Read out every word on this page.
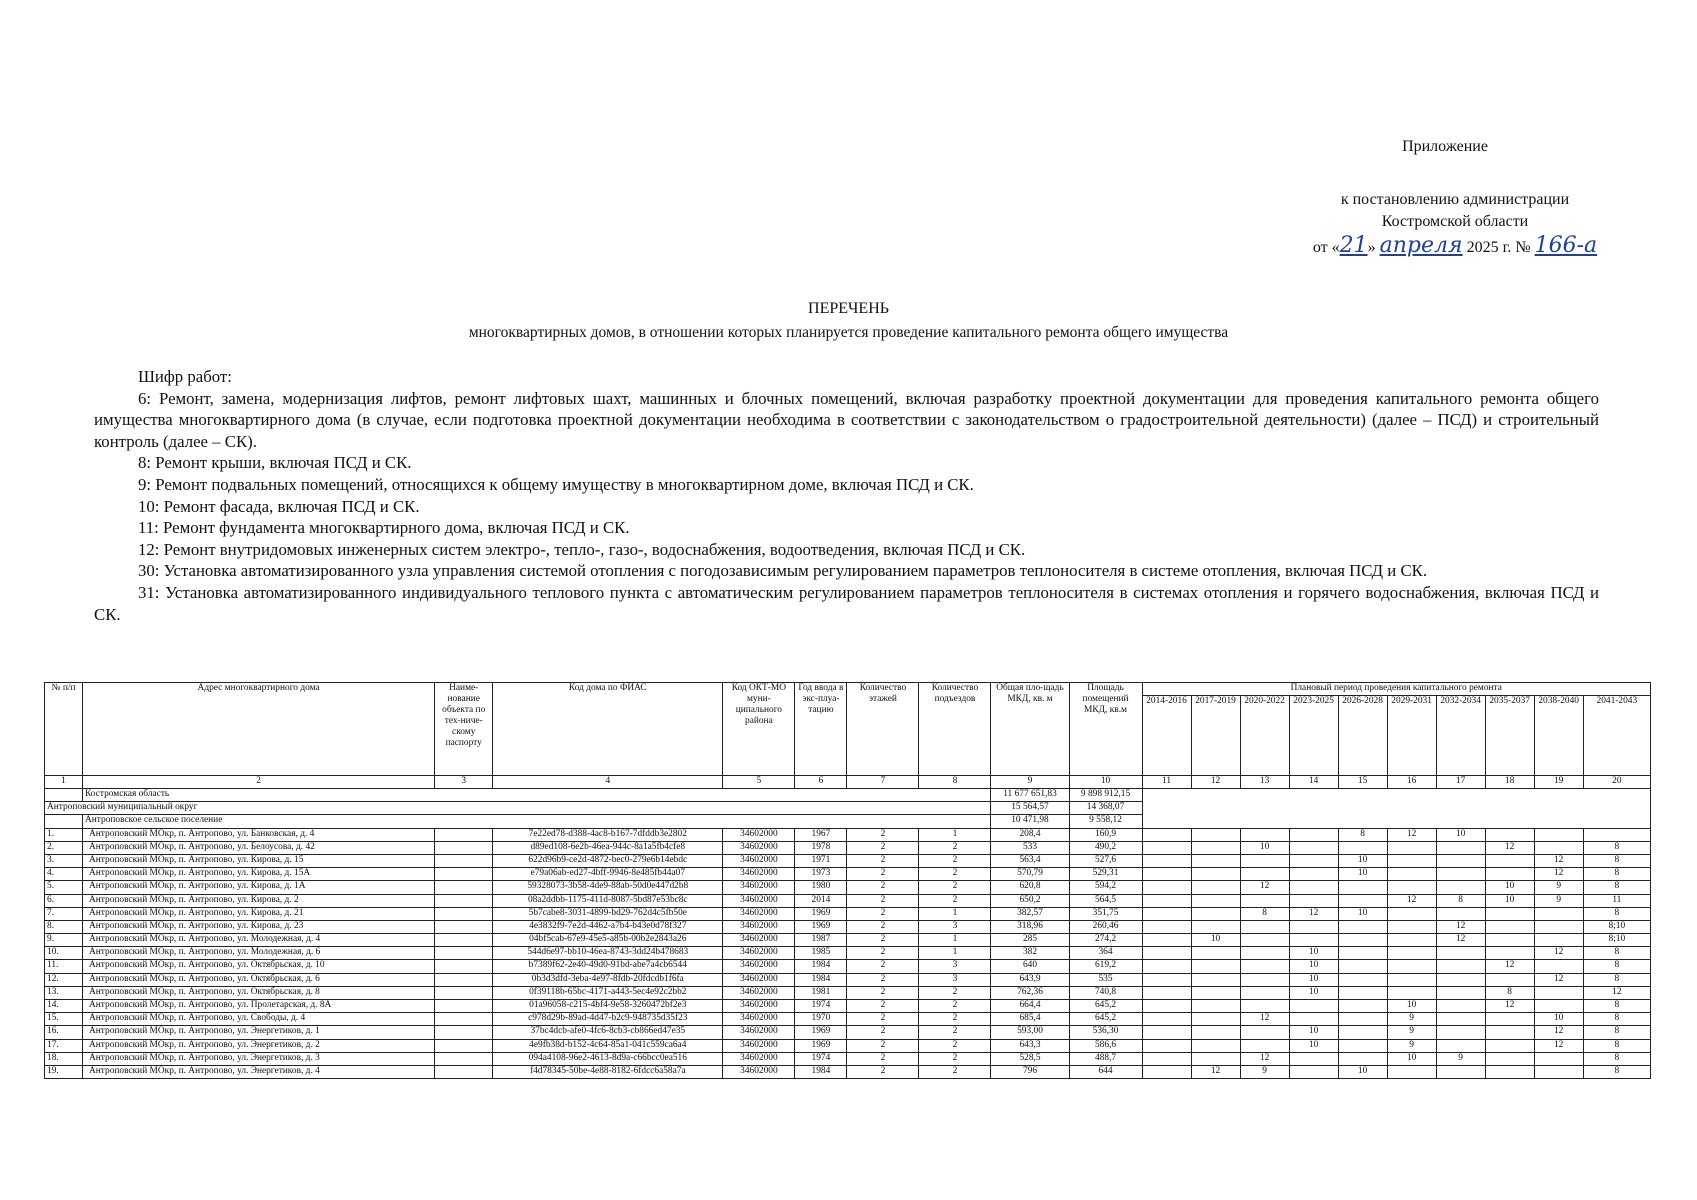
Приложение
к постановлению администрации
Костромской области
от «21» апреля 2025 г. № 166-а
ПЕРЕЧЕНЬ
многоквартирных домов, в отношении которых планируется проведение капитального ремонта общего имущества

Шифр работ:

6: Ремонт, замена, модернизация лифтов, ремонт лифтовых шахт, машинных и блочных помещений, включая разработку проектной документации для проведения капитального ремонта общего имущества многоквартирного дома (в случае, если подготовка проектной документации необходима в соответствии с законодательством о градостроительной деятельности) (далее – ПСД) и строительный контроль (далее – СК).

8: Ремонт крыши, включая ПСД и СК.

9: Ремонт подвальных помещений, относящихся к общему имуществу в многоквартирном доме, включая ПСД и СК.

10: Ремонт фасада, включая ПСД и СК.

11: Ремонт фундамента многоквартирного дома, включая ПСД и СК.

12: Ремонт внутридомовых инженерных систем электро-, тепло-, газо-, водоснабжения, водоотведения, включая ПСД и СК.

30: Установка автоматизированного узла управления системой отопления с погодозависимым регулированием параметров теплоносителя в системе отопления, включая ПСД и СК.

31: Установка автоматизированного индивидуального теплового пункта с автоматическим регулированием параметров теплоносителя в системах отопления и горячего водоснабжения, включая ПСД и СК.

№ п/п	Адрес многоквартирного дома	Наиме-нование объекта по тех-ниче-скому паспорту	Код дома по ФИАС	Код ОКТ-МО муни-ципального района	Год ввода в экс-плуа-тацию	Количество этажей	Количество подъездов	Общая пло-щадь МКД, кв. м	Площадь помещений МКД, кв.м	Плановый период проведения капитального ремонта									
										2014-2016	2017-2019	2020-2022	2023-2025	2026-2028	2029-2031	2032-2034	2035-2037	2038-2040	2041-2043
1	2	3	4	5	6	7	8	9	10	11	12	13	14	15	16	17	18	19	20
	Костромская область							11 677 651,83	9 898 912,15										
Антроповский муниципальный округ								15 564,57	14 368,07										
	Антроповское сельское поселение							10 471,98	9 558,12										
1.	Антроповский МОкр, п. Антропово, ул. Банковская, д. 4		7e22ed78-d388-4ac8-b167-7dfddb3e2802	34602000	1967	2	1	208,4	160,9					8	12	10			
2.	Антроповский МОкр, п. Антропово, ул. Белоусова, д. 42		d89ed108-6e2b-46ea-944c-8a1a5fb4cfe8	34602000	1978	2	2	533	490,2			10					12		8
3.	Антроповский МОкр, п. Антропово, ул. Кирова, д. 15		622d96b9-ce2d-4872-bec0-279e6b14ebdc	34602000	1971	2	2	563,4	527,6					10				12	8
4.	Антроповский МОкр, п. Антропово, ул. Кирова, д. 15А		e79a06ab-ed27-4bff-9946-8e485fb44a07	34602000	1973	2	2	570,79	529,31					10				12	8
5.	Антроповский МОкр, п. Антропово, ул. Кирова, д. 1А		59328073-3b58-4de9-88ab-50d0e447d2b8	34602000	1980	2	2	620,8	594,2			12					10	9	8
6.	Антроповский МОкр, п. Антропово, ул. Кирова, д. 2		08a2ddbb-1175-411d-8087-5bd87e53bc8c	34602000	2014	2	2	650,2	564,5						12	8	10	9	11
7.	Антроповский МОкр, п. Антропово, ул. Кирова, д. 21		5b7cabe8-3031-4899-bd29-762d4c5fb50e	34602000	1969	2	1	382,57	351,75			8	12	10					8
8.	Антроповский МОкр, п. Антропово, ул. Кирова, д. 23		4e3832f9-7e2d-4462-a7b4-b43e0d78f327	34602000	1969	2	3	318,96	260,46							12			8;10
9.	Антроповский МОкр, п. Антропово, ул. Молодежная, д. 4		04bf5cab-67e9-45e5-a85b-00b2e2843a26	34602000	1987	2	1	285	274,2		10					12			8;10
10.	Антроповский МОкр, п. Антропово, ул. Молодежная, д. 6		544d6e97-bb10-46ea-8743-3dd24b478683	34602000	1985	2	1	382	364				10					12	8
11.	Антроповский МОкр, п. Антропово, ул. Октябрьская, д. 10		b7389f62-2e40-49d0-91bd-abe7a4cb6544	34602000	1984	2	3	640	619,2				10				12		8
12.	Антроповский МОкр, п. Антропово, ул. Октябрьская, д. 6		0b3d3dfd-3eba-4e97-8fdb-20fdcdb1f6fa	34602000	1984	2	3	643,9	535				10					12	8
13.	Антроповский МОкр, п. Антропово, ул. Октябрьская, д. 8		0f39118b-65bc-4171-a443-5ec4e92c2bb2	34602000	1981	2	2	762,36	740,8				10				8		12
14.	Антроповский МОкр, п. Антропово, ул. Пролетарская, д. 8А		01a96058-c215-4bf4-9e58-3260472bf2e3	34602000	1974	2	2	664,4	645,2						10		12		8
15.	Антроповский МОкр, п. Антропово, ул. Свободы, д. 4		c978d29b-89ad-4d47-b2c9-948735d35f23	34602000	1970	2	2	685,4	645,2			12			9			10	8
16.	Антроповский МОкр, п. Антропово, ул. Энергетиков, д. 1		37bc4dcb-afe0-4fc6-8cb3-cb866ed47e35	34602000	1969	2	2	593,00	536,30				10		9			12	8
17.	Антроповский МОкр, п. Антропово, ул. Энергетиков, д. 2		4e9fb38d-b152-4c64-85a1-041c559ca6a4	34602000	1969	2	2	643,3	586,6				10		9			12	8
18.	Антроповский МОкр, п. Антропово, ул. Энергетиков, д. 3		094a4108-96e2-4613-8d9a-c66bcc0ea516	34602000	1974	2	2	528,5	488,7			12			10	9			8
19.	Антроповский МОкр, п. Антропово, ул. Энергетиков, д. 4		f4d78345-50be-4e88-8182-6fdcc6a58a7a	34602000	1984	2	2	796	644		12	9		10					8
